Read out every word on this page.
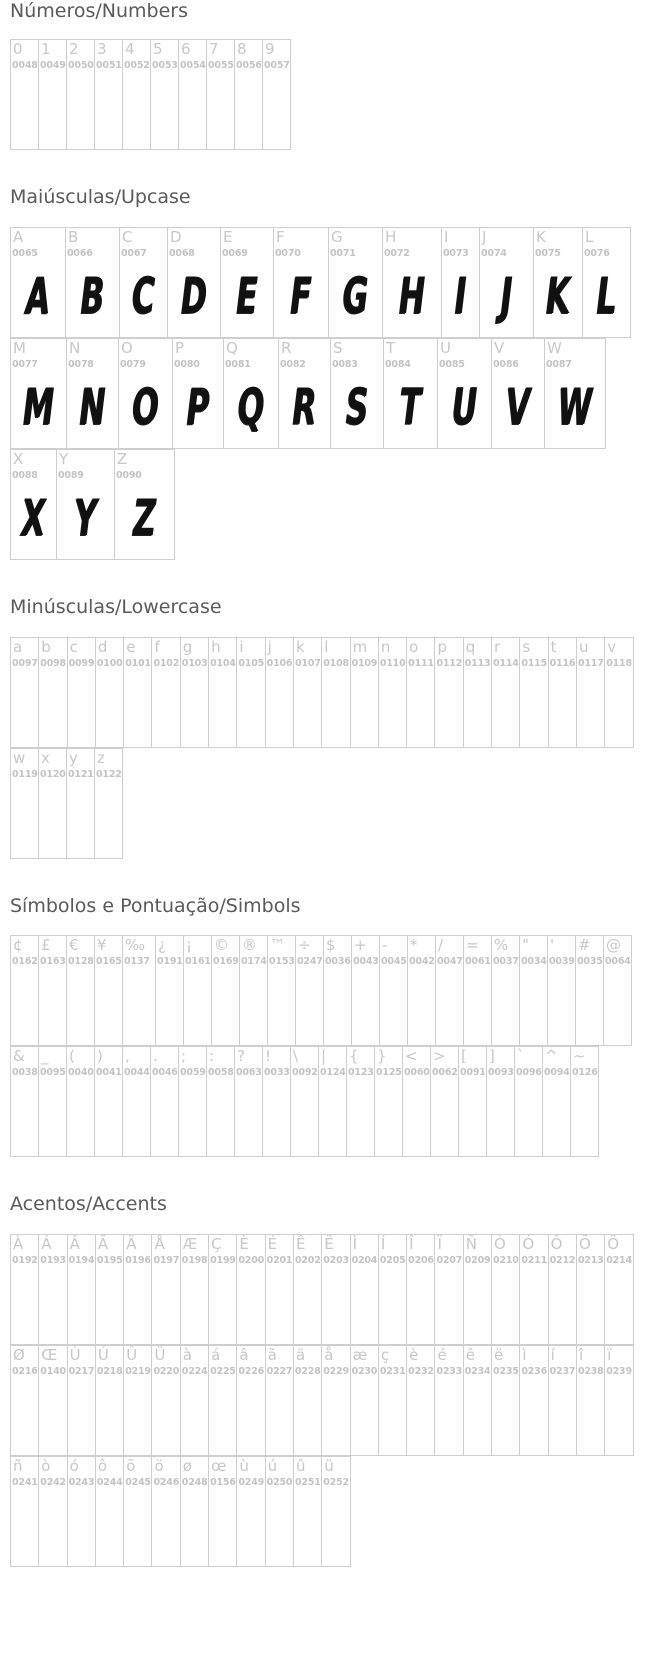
Números/Numbers
0
0048
1
0049
2
0050
3
0051
4
0052
5
0053
6
0054
7
0055
8
0056
9
0057
Maiúsculas/Upcase
A
0065
A
B
0066
B
C
0067
C
D
0068
D
E
0069
E
F
0070
F
G
0071
G
H
0072
H
I
0073
I
J
0074
J
K
0075
K
L
0076
L
M
0077
M
N
0078
N
O
0079
O
P
0080
P
Q
0081
Q
R
0082
R
S
0083
S
T
0084
T
U
0085
U
V
0086
V
W
0087
W
X
0088
X
Y
0089
Y
Z
0090
Z
Minúsculas/Lowercase
a
0097
b
0098
c
0099
d
0100
e
0101
f
0102
g
0103
h
0104
i
0105
j
0106
k
0107
l
0108
m
0109
n
0110
o
0111
p
0112
q
0113
r
0114
s
0115
t
0116
u
0117
v
0118
w
0119
x
0120
y
0121
z
0122
Símbolos e Pontuação/Simbols
¢
0162
£
0163
€
0128
¥
0165
‰
0137
¿
0191
¡
0161
©
0169
®
0174
™
0153
÷
0247
$
0036
+
0043
-
0045
*
0042
/
0047
=
0061
%
0037
"
0034
'
0039
#
0035
@
0064
&
0038
_
0095
(
0040
)
0041
,
0044
.
0046
;
0059
:
0058
?
0063
!
0033
\
0092
|
0124
{
0123
}
0125
<
0060
>
0062
[
0091
]
0093
`
0096
^
0094
~
0126
Acentos/Accents
À
0192
Á
0193
Â
0194
Ã
0195
Ä
0196
Å
0197
Æ
0198
Ç
0199
È
0200
É
0201
Ê
0202
Ë
0203
Ì
0204
Í
0205
Î
0206
Ï
0207
Ñ
0209
Ò
0210
Ó
0211
Ô
0212
Õ
0213
Ö
0214
Ø
0216
Œ
0140
Ù
0217
Ú
0218
Û
0219
Ü
0220
à
0224
á
0225
â
0226
ã
0227
ä
0228
å
0229
æ
0230
ç
0231
è
0232
é
0233
ê
0234
ë
0235
ì
0236
í
0237
î
0238
ï
0239
ñ
0241
ò
0242
ó
0243
ô
0244
õ
0245
ö
0246
ø
0248
œ
0156
ù
0249
ú
0250
û
0251
ü
0252
